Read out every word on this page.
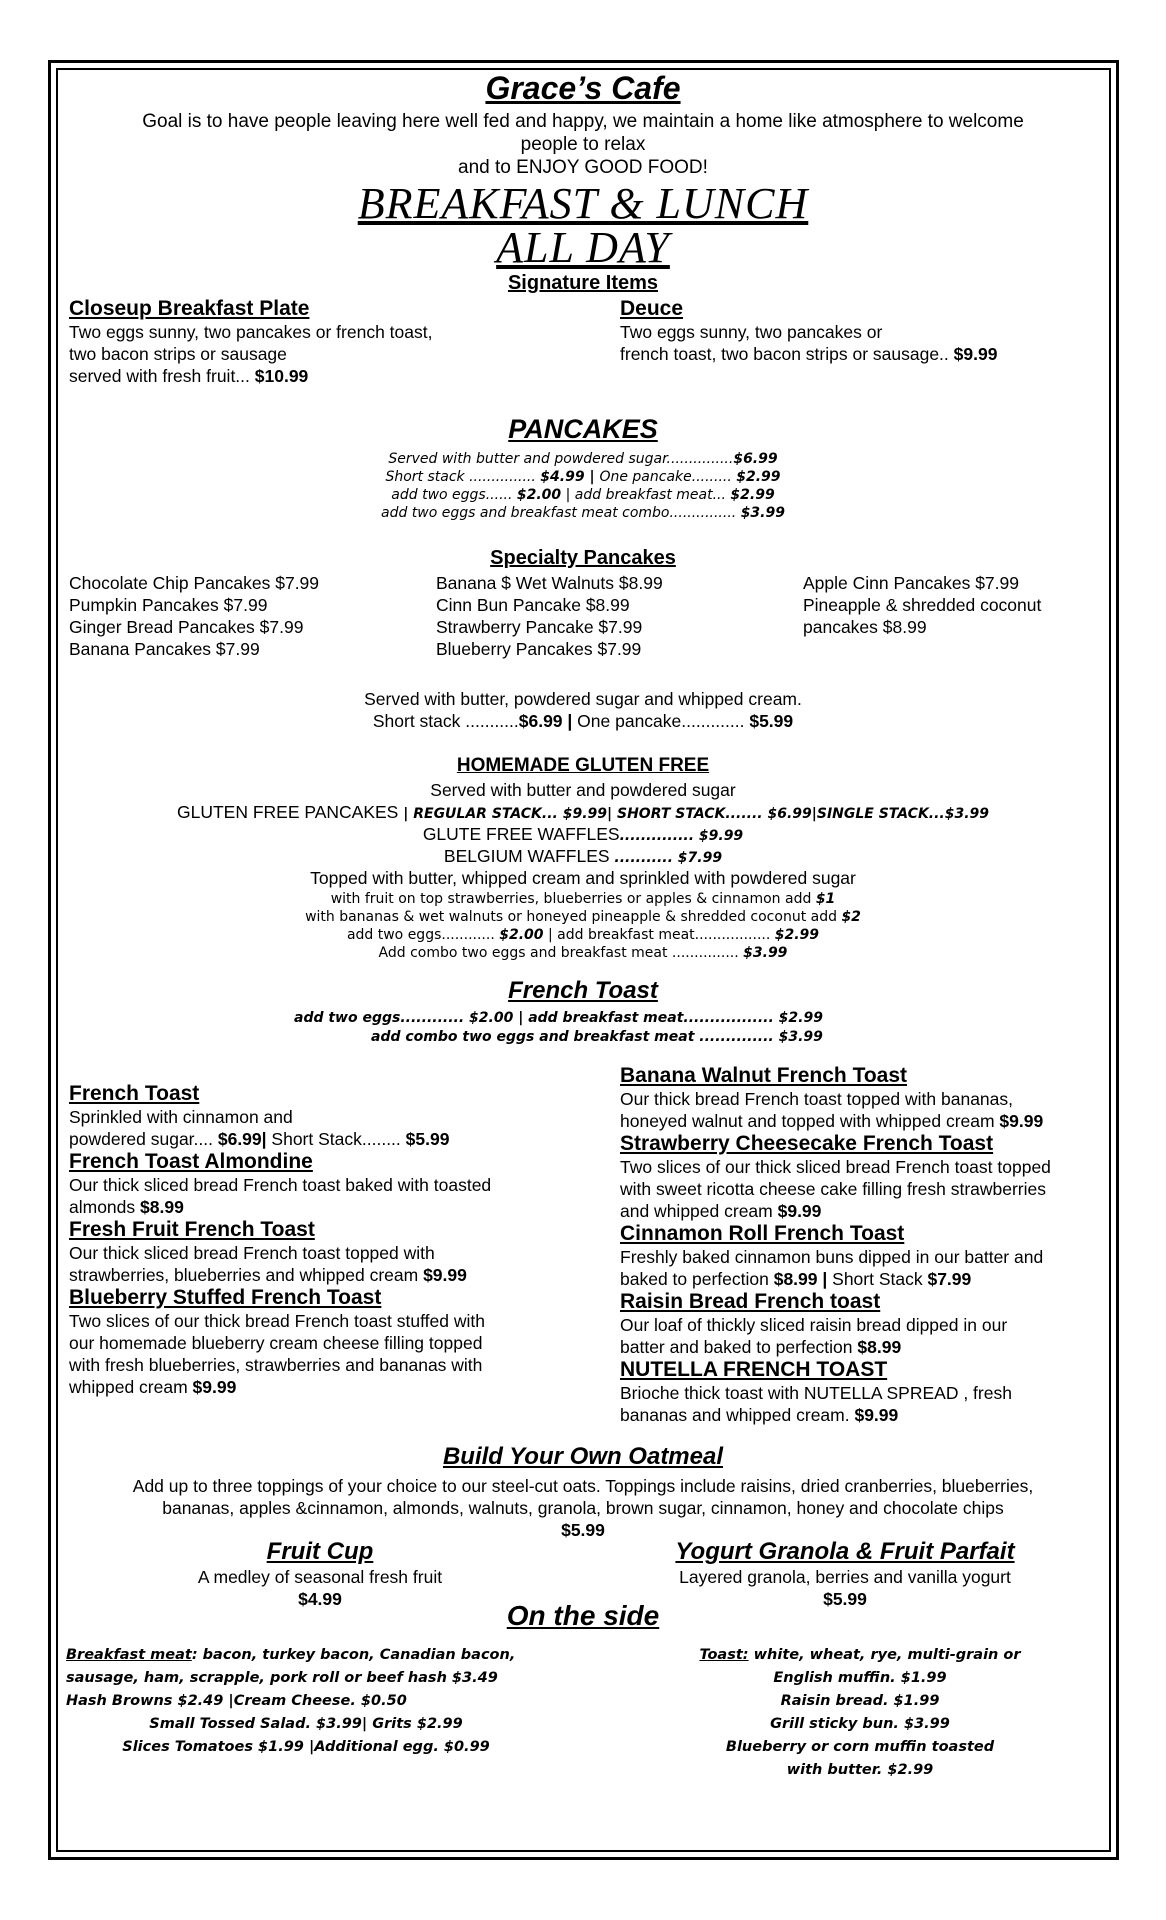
Grace’s Cafe
Goal is to have people leaving here well fed and happy, we maintain a home like atmosphere to welcome
people to relax
and to ENJOY GOOD FOOD!
BREAKFAST & LUNCH
ALL DAY
Signature Items
Closeup Breakfast Plate
Two eggs sunny, two pancakes or french toast,
two bacon strips or sausage
served with fresh fruit... $10.99
Deuce
Two eggs sunny, two pancakes or
french toast, two bacon strips or sausage.. $9.99
PANCAKES
Served with butter and powdered sugar...............$6.99
Short stack ............... $4.99 | One pancake......... $2.99
add two eggs...... $2.00 | add breakfast meat... $2.99
add two eggs and breakfast meat combo............... $3.99
Specialty Pancakes
Chocolate Chip Pancakes $7.99
Pumpkin Pancakes $7.99
Ginger Bread Pancakes $7.99
Banana Pancakes $7.99
Banana $ Wet Walnuts $8.99
Cinn Bun Pancake $8.99
Strawberry Pancake $7.99
Blueberry Pancakes $7.99
Apple Cinn Pancakes $7.99
Pineapple & shredded coconut
pancakes $8.99
Served with butter, powdered sugar and whipped cream.
Short stack ...........$6.99 | One pancake............. $5.99
HOMEMADE GLUTEN FREE
Served with butter and powdered sugar
GLUTEN FREE PANCAKES | REGULAR STACK... $9.99| SHORT STACK....... $6.99|SINGLE STACK...$3.99
GLUTE FREE WAFFLES.............. $9.99
BELGIUM WAFFLES ........... $7.99
Topped with butter, whipped cream and sprinkled with powdered sugar
with fruit on top strawberries, blueberries or apples & cinnamon add $1
with bananas & wet walnuts or honeyed pineapple & shredded coconut add $2
add two eggs............ $2.00 | add breakfast meat................. $2.99
Add combo two eggs and breakfast meat ............... $3.99
French Toast
add two eggs............ $2.00 | add breakfast meat................. $2.99
add combo two eggs and breakfast meat .............. $3.99
French Toast
Sprinkled with cinnamon and
powdered sugar.... $6.99| Short Stack........ $5.99
French Toast Almondine
Our thick sliced bread French toast baked with toasted
almonds $8.99
Fresh Fruit French Toast
Our thick sliced bread French toast topped with
strawberries, blueberries and whipped cream $9.99
Blueberry Stuffed French Toast
Two slices of our thick bread French toast stuffed with
our homemade blueberry cream cheese filling topped
with fresh blueberries, strawberries and bananas with
whipped cream $9.99
Banana Walnut French Toast
Our thick bread French toast topped with bananas,
honeyed walnut and topped with whipped cream $9.99
Strawberry Cheesecake French Toast
Two slices of our thick sliced bread French toast topped
with sweet ricotta cheese cake filling fresh strawberries
and whipped cream $9.99
Cinnamon Roll French Toast
Freshly baked cinnamon buns dipped in our batter and
baked to perfection $8.99 | Short Stack $7.99
Raisin Bread French toast
Our loaf of thickly sliced raisin bread dipped in our
batter and baked to perfection $8.99
NUTELLA FRENCH TOAST
Brioche thick toast with NUTELLA SPREAD , fresh
bananas and whipped cream. $9.99
Build Your Own Oatmeal
Add up to three toppings of your choice to our steel-cut oats. Toppings include raisins, dried cranberries, blueberries,
bananas, apples &cinnamon, almonds, walnuts, granola, brown sugar, cinnamon, honey and chocolate chips
$5.99
Fruit Cup
A medley of seasonal fresh fruit
$4.99
Yogurt Granola & Fruit Parfait
Layered granola, berries and vanilla yogurt
$5.99
On the side
Breakfast meat: bacon, turkey bacon, Canadian bacon,
sausage, ham, scrapple, pork roll or beef hash $3.49
Hash Browns $2.49 |Cream Cheese. $0.50
Small Tossed Salad. $3.99| Grits $2.99
Slices Tomatoes $1.99 |Additional egg. $0.99
Toast: white, wheat, rye, multi-grain or
English muffin. $1.99
Raisin bread. $1.99
Grill sticky bun. $3.99
Blueberry or corn muffin toasted
with butter. $2.99
